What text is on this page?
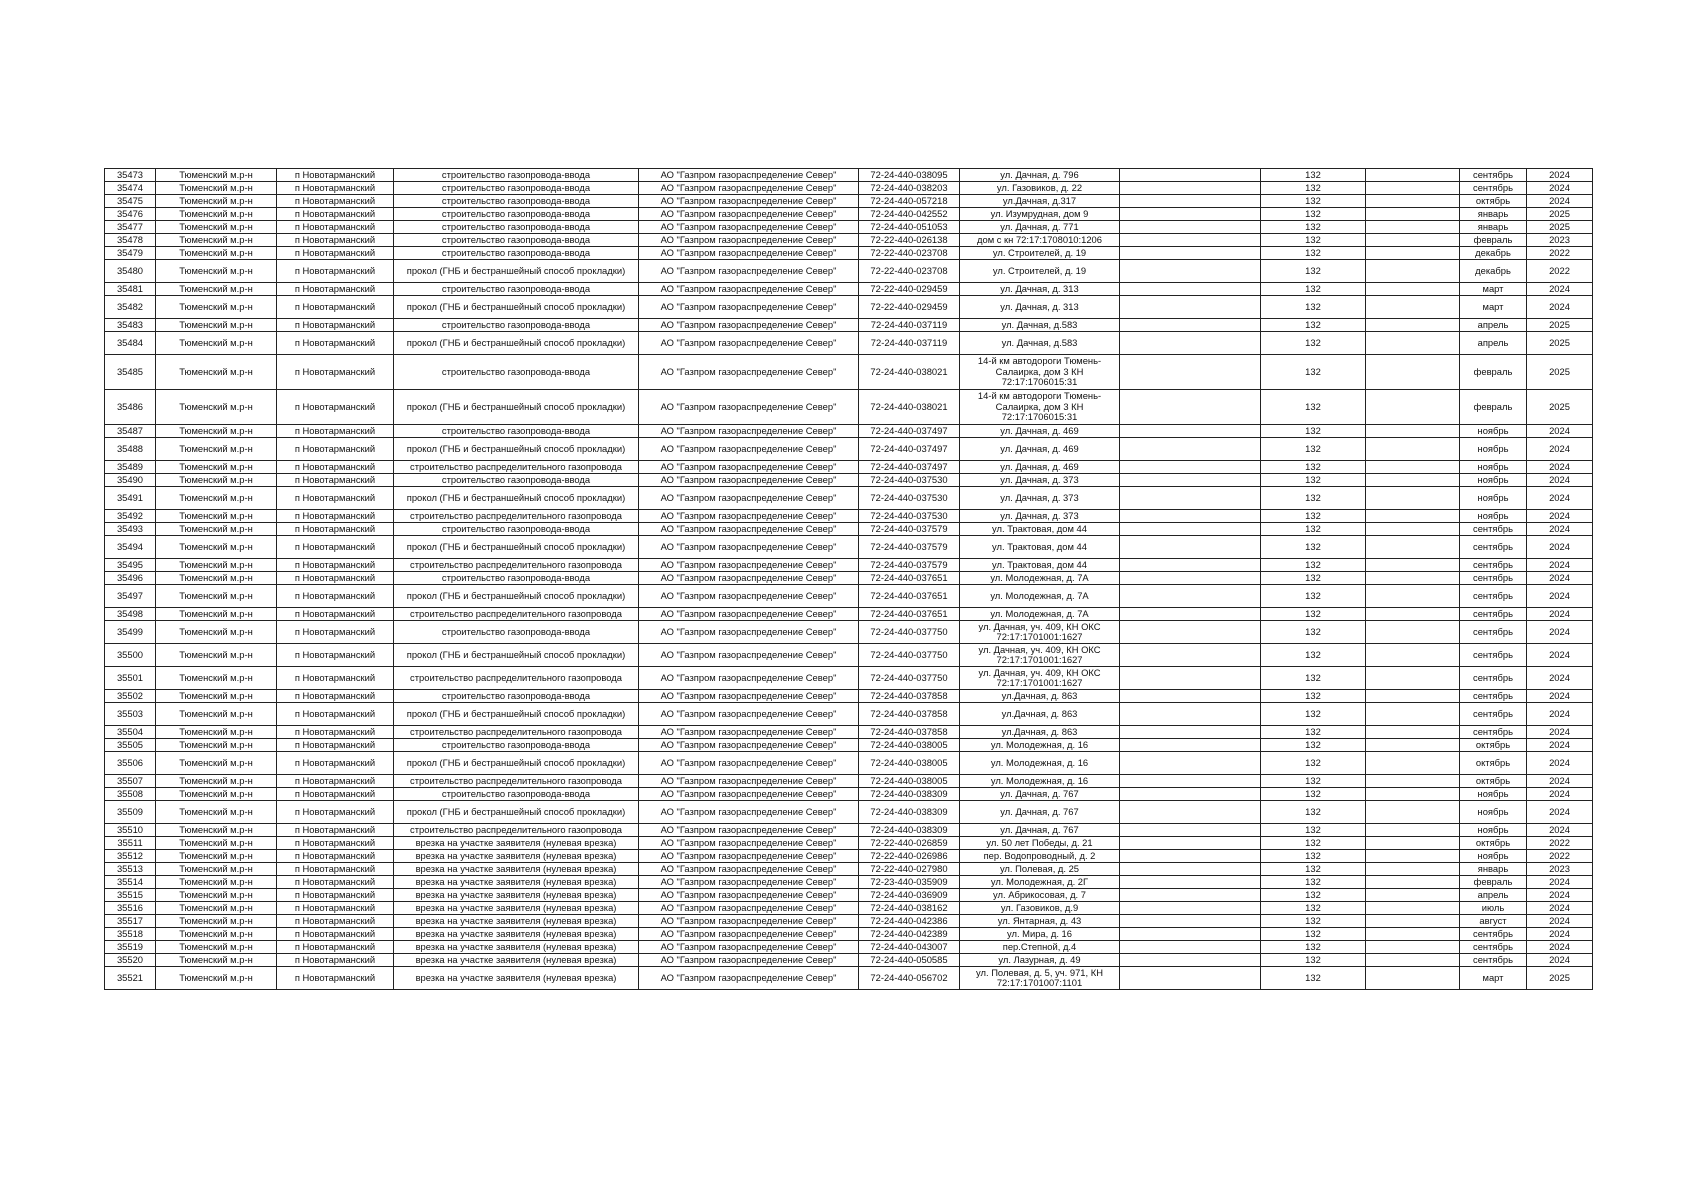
35473	Тюменский м.р-н	п Новотарманский	строительство газопровода-ввода	АО "Газпром газораспределение Север"	72-24-440-038095	ул. Дачная, д. 796		132		сентябрь	2024
35474	Тюменский м.р-н	п Новотарманский	строительство газопровода-ввода	АО "Газпром газораспределение Север"	72-24-440-038203	ул. Газовиков, д. 22		132		сентябрь	2024
35475	Тюменский м.р-н	п Новотарманский	строительство газопровода-ввода	АО "Газпром газораспределение Север"	72-24-440-057218	ул.Дачная, д.317		132		октябрь	2024
35476	Тюменский м.р-н	п Новотарманский	строительство газопровода-ввода	АО "Газпром газораспределение Север"	72-24-440-042552	ул. Изумрудная, дом 9		132		январь	2025
35477	Тюменский м.р-н	п Новотарманский	строительство газопровода-ввода	АО "Газпром газораспределение Север"	72-24-440-051053	ул. Дачная, д. 771		132		январь	2025
35478	Тюменский м.р-н	п Новотарманский	строительство газопровода-ввода	АО "Газпром газораспределение Север"	72-22-440-026138	дом с кн 72:17:1708010:1206		132		февраль	2023
35479	Тюменский м.р-н	п Новотарманский	строительство газопровода-ввода	АО "Газпром газораспределение Север"	72-22-440-023708	ул. Строителей, д. 19		132		декабрь	2022
35480	Тюменский м.р-н	п Новотарманский	прокол (ГНБ и бестраншейный способ прокладки)	АО "Газпром газораспределение Север"	72-22-440-023708	ул. Строителей, д. 19		132		декабрь	2022
35481	Тюменский м.р-н	п Новотарманский	строительство газопровода-ввода	АО "Газпром газораспределение Север"	72-22-440-029459	ул. Дачная, д. 313		132		март	2024
35482	Тюменский м.р-н	п Новотарманский	прокол (ГНБ и бестраншейный способ прокладки)	АО "Газпром газораспределение Север"	72-22-440-029459	ул. Дачная, д. 313		132		март	2024
35483	Тюменский м.р-н	п Новотарманский	строительство газопровода-ввода	АО "Газпром газораспределение Север"	72-24-440-037119	ул. Дачная, д.583		132		апрель	2025
35484	Тюменский м.р-н	п Новотарманский	прокол (ГНБ и бестраншейный способ прокладки)	АО "Газпром газораспределение Север"	72-24-440-037119	ул. Дачная, д.583		132		апрель	2025
35485	Тюменский м.р-н	п Новотарманский	строительство газопровода-ввода	АО "Газпром газораспределение Север"	72-24-440-038021	14-й км автодороги Тюмень-Салаирка, дом 3 КН 72:17:1706015:31		132		февраль	2025
35486	Тюменский м.р-н	п Новотарманский	прокол (ГНБ и бестраншейный способ прокладки)	АО "Газпром газораспределение Север"	72-24-440-038021	14-й км автодороги Тюмень-Салаирка, дом 3 КН 72:17:1706015:31		132		февраль	2025
35487	Тюменский м.р-н	п Новотарманский	строительство газопровода-ввода	АО "Газпром газораспределение Север"	72-24-440-037497	ул. Дачная, д. 469		132		ноябрь	2024
35488	Тюменский м.р-н	п Новотарманский	прокол (ГНБ и бестраншейный способ прокладки)	АО "Газпром газораспределение Север"	72-24-440-037497	ул. Дачная, д. 469		132		ноябрь	2024
35489	Тюменский м.р-н	п Новотарманский	строительство распределительного газопровода	АО "Газпром газораспределение Север"	72-24-440-037497	ул. Дачная, д. 469		132		ноябрь	2024
35490	Тюменский м.р-н	п Новотарманский	строительство газопровода-ввода	АО "Газпром газораспределение Север"	72-24-440-037530	ул. Дачная, д. 373		132		ноябрь	2024
35491	Тюменский м.р-н	п Новотарманский	прокол (ГНБ и бестраншейный способ прокладки)	АО "Газпром газораспределение Север"	72-24-440-037530	ул. Дачная, д. 373		132		ноябрь	2024
35492	Тюменский м.р-н	п Новотарманский	строительство распределительного газопровода	АО "Газпром газораспределение Север"	72-24-440-037530	ул. Дачная, д. 373		132		ноябрь	2024
35493	Тюменский м.р-н	п Новотарманский	строительство газопровода-ввода	АО "Газпром газораспределение Север"	72-24-440-037579	ул. Трактовая, дом 44		132		сентябрь	2024
35494	Тюменский м.р-н	п Новотарманский	прокол (ГНБ и бестраншейный способ прокладки)	АО "Газпром газораспределение Север"	72-24-440-037579	ул. Трактовая, дом 44		132		сентябрь	2024
35495	Тюменский м.р-н	п Новотарманский	строительство распределительного газопровода	АО "Газпром газораспределение Север"	72-24-440-037579	ул. Трактовая, дом 44		132		сентябрь	2024
35496	Тюменский м.р-н	п Новотарманский	строительство газопровода-ввода	АО "Газпром газораспределение Север"	72-24-440-037651	ул. Молодежная, д. 7А		132		сентябрь	2024
35497	Тюменский м.р-н	п Новотарманский	прокол (ГНБ и бестраншейный способ прокладки)	АО "Газпром газораспределение Север"	72-24-440-037651	ул. Молодежная, д. 7А		132		сентябрь	2024
35498	Тюменский м.р-н	п Новотарманский	строительство распределительного газопровода	АО "Газпром газораспределение Север"	72-24-440-037651	ул. Молодежная, д. 7А		132		сентябрь	2024
35499	Тюменский м.р-н	п Новотарманский	строительство газопровода-ввода	АО "Газпром газораспределение Север"	72-24-440-037750	ул. Дачная, уч. 409, КН ОКС 72:17:1701001:1627		132		сентябрь	2024
35500	Тюменский м.р-н	п Новотарманский	прокол (ГНБ и бестраншейный способ прокладки)	АО "Газпром газораспределение Север"	72-24-440-037750	ул. Дачная, уч. 409, КН ОКС 72:17:1701001:1627		132		сентябрь	2024
35501	Тюменский м.р-н	п Новотарманский	строительство распределительного газопровода	АО "Газпром газораспределение Север"	72-24-440-037750	ул. Дачная, уч. 409, КН ОКС 72:17:1701001:1627		132		сентябрь	2024
35502	Тюменский м.р-н	п Новотарманский	строительство газопровода-ввода	АО "Газпром газораспределение Север"	72-24-440-037858	ул.Дачная, д. 863		132		сентябрь	2024
35503	Тюменский м.р-н	п Новотарманский	прокол (ГНБ и бестраншейный способ прокладки)	АО "Газпром газораспределение Север"	72-24-440-037858	ул.Дачная, д. 863		132		сентябрь	2024
35504	Тюменский м.р-н	п Новотарманский	строительство распределительного газопровода	АО "Газпром газораспределение Север"	72-24-440-037858	ул.Дачная, д. 863		132		сентябрь	2024
35505	Тюменский м.р-н	п Новотарманский	строительство газопровода-ввода	АО "Газпром газораспределение Север"	72-24-440-038005	ул. Молодежная, д. 16		132		октябрь	2024
35506	Тюменский м.р-н	п Новотарманский	прокол (ГНБ и бестраншейный способ прокладки)	АО "Газпром газораспределение Север"	72-24-440-038005	ул. Молодежная, д. 16		132		октябрь	2024
35507	Тюменский м.р-н	п Новотарманский	строительство распределительного газопровода	АО "Газпром газораспределение Север"	72-24-440-038005	ул. Молодежная, д. 16		132		октябрь	2024
35508	Тюменский м.р-н	п Новотарманский	строительство газопровода-ввода	АО "Газпром газораспределение Север"	72-24-440-038309	ул. Дачная, д. 767		132		ноябрь	2024
35509	Тюменский м.р-н	п Новотарманский	прокол (ГНБ и бестраншейный способ прокладки)	АО "Газпром газораспределение Север"	72-24-440-038309	ул. Дачная, д. 767		132		ноябрь	2024
35510	Тюменский м.р-н	п Новотарманский	строительство распределительного газопровода	АО "Газпром газораспределение Север"	72-24-440-038309	ул. Дачная, д. 767		132		ноябрь	2024
35511	Тюменский м.р-н	п Новотарманский	врезка на участке заявителя (нулевая врезка)	АО "Газпром газораспределение Север"	72-22-440-026859	ул. 50 лет Победы, д. 21		132		октябрь	2022
35512	Тюменский м.р-н	п Новотарманский	врезка на участке заявителя (нулевая врезка)	АО "Газпром газораспределение Север"	72-22-440-026986	пер. Водопроводный, д. 2		132		ноябрь	2022
35513	Тюменский м.р-н	п Новотарманский	врезка на участке заявителя (нулевая врезка)	АО "Газпром газораспределение Север"	72-22-440-027980	ул. Полевая, д. 25		132		январь	2023
35514	Тюменский м.р-н	п Новотарманский	врезка на участке заявителя (нулевая врезка)	АО "Газпром газораспределение Север"	72-23-440-035909	ул. Молодежная, д. 2Г		132		февраль	2024
35515	Тюменский м.р-н	п Новотарманский	врезка на участке заявителя (нулевая врезка)	АО "Газпром газораспределение Север"	72-24-440-036909	ул. Абрикосовая, д. 7		132		апрель	2024
35516	Тюменский м.р-н	п Новотарманский	врезка на участке заявителя (нулевая врезка)	АО "Газпром газораспределение Север"	72-24-440-038162	ул. Газовиков, д.9		132		июль	2024
35517	Тюменский м.р-н	п Новотарманский	врезка на участке заявителя (нулевая врезка)	АО "Газпром газораспределение Север"	72-24-440-042386	ул. Янтарная, д. 43		132		август	2024
35518	Тюменский м.р-н	п Новотарманский	врезка на участке заявителя (нулевая врезка)	АО "Газпром газораспределение Север"	72-24-440-042389	ул. Мира, д. 16		132		сентябрь	2024
35519	Тюменский м.р-н	п Новотарманский	врезка на участке заявителя (нулевая врезка)	АО "Газпром газораспределение Север"	72-24-440-043007	пер.Степной, д.4		132		сентябрь	2024
35520	Тюменский м.р-н	п Новотарманский	врезка на участке заявителя (нулевая врезка)	АО "Газпром газораспределение Север"	72-24-440-050585	ул. Лазурная, д. 49		132		сентябрь	2024
35521	Тюменский м.р-н	п Новотарманский	врезка на участке заявителя (нулевая врезка)	АО "Газпром газораспределение Север"	72-24-440-056702	ул. Полевая, д. 5, уч. 971, КН 72:17:1701007:1101		132		март	2025
